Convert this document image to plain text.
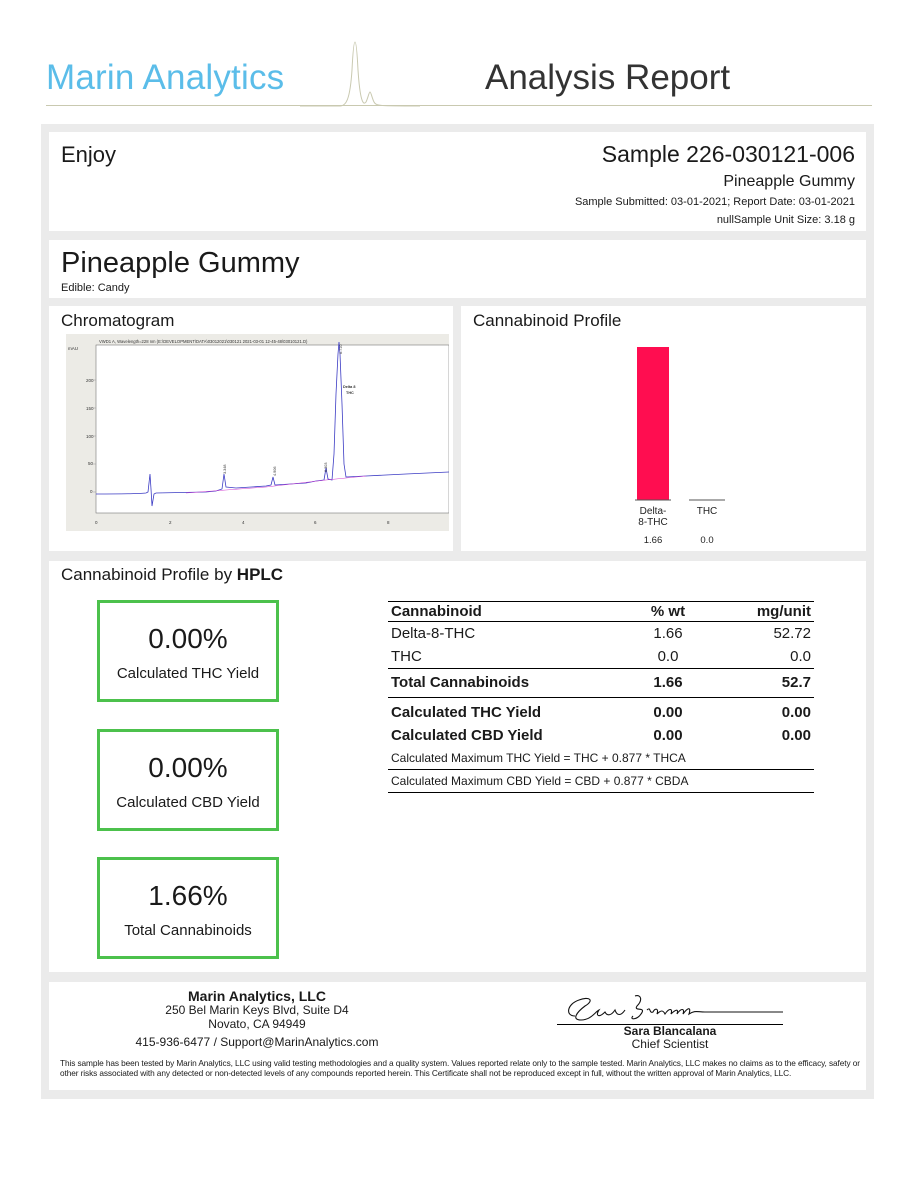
Marin Analytics	Analysis Report
Enjoy	Sample 226-030121-006
Pineapple Gummy
Sample Submitted: 03-01-2021; Report Date: 03-01-2021
nullSample Unit Size: 3.18 g
Pineapple Gummy
Edible: Candy
Chromatogram
VWD1 A, Wavelength=228 nm (E:\DEVELOPMENT\DATA\03012021\030121 2021-03-01 12-45-48\03010121.D)
mAU
200
150
100
50
0
0	2	4	6	8
3.348	4.906	6.303
6.710
Delta 8
THC
Cannabinoid Profile
Delta-
8-THC
1.66
THC
0.0
Cannabinoid Profile by HPLC
0.00%
Calculated THC Yield
0.00%
Calculated CBD Yield
1.66%
Total Cannabinoids
Cannabinoid	% wt	mg/unit
Delta-8-THC	1.66	52.72
THC	0.0	0.0
Total Cannabinoids	1.66	52.7
Calculated THC Yield	0.00	0.00
Calculated CBD Yield	0.00	0.00
Calculated Maximum THC Yield = THC + 0.877 * THCA		
Calculated Maximum CBD Yield = CBD + 0.877 * CBDA		
Marin Analytics, LLC
250 Bel Marin Keys Blvd, Suite D4
Novato, CA 94949
415-936-6477 / Support@MarinAnalytics.com
Sara Blancalana
Chief Scientist
This sample has been tested by Marin Analytics, LLC using valid testing methodologies and a quality system. Values reported relate only to the sample tested. Marin Analytics, LLC makes no claims as to the efficacy, safety or other risks associated with any detected or non-detected levels of any compounds reported herein. This Certificate shall not be reproduced except in full, without the written approval of Marin Analytics, LLC.
